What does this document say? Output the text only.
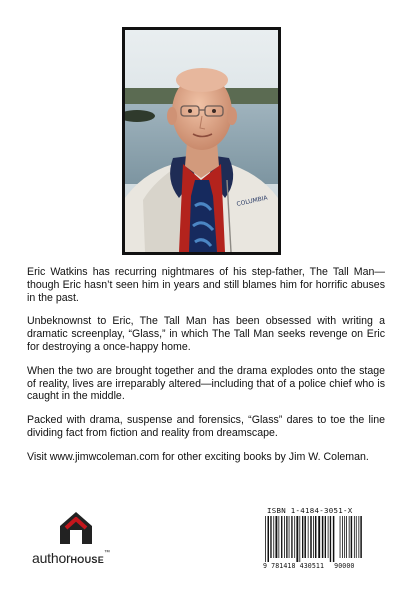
COLUMBIA

Eric Watkins has recurring nightmares of his step-father, The Tall Man—though Eric hasn’t seen him in years and still blames him for horrific abuses in the past.

Unbeknownst to Eric, The Tall Man has been obsessed with writing a dramatic screenplay, “Glass,” in which The Tall Man seeks revenge on Eric for destroying a once-happy home.

When the two are brought together and the drama explodes onto the stage of reality, lives are irreparably altered—including that of a police chief who is caught in the middle.

Packed with drama, suspense and forensics, “Glass” dares to toe the line dividing fact from fiction and reality from dreamscape.

Visit www.jimwcoleman.com for other exciting books by Jim W. Coleman.

authorHOUSE™
ISBN 1-4184-3051-X
9 781418 430511 90000
